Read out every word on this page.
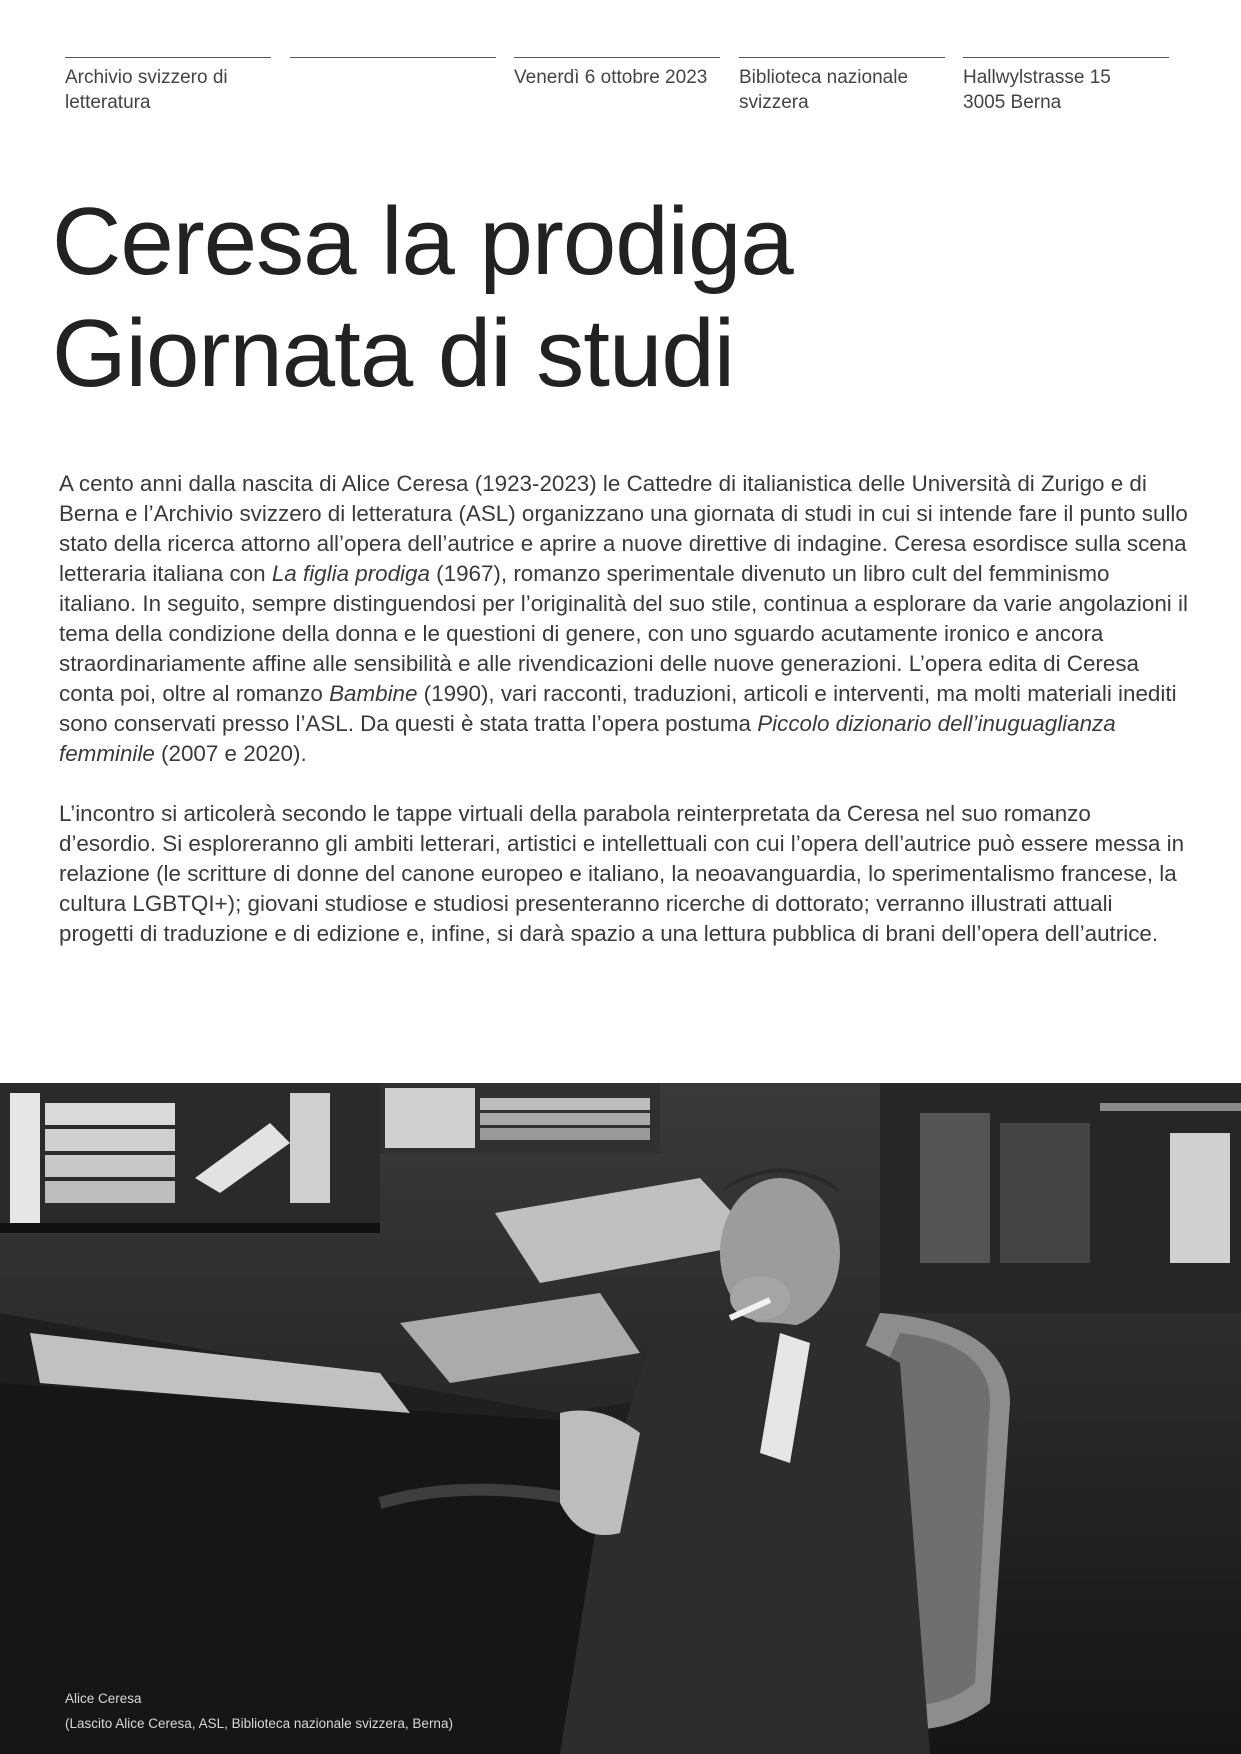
Archivio svizzero di
letteratura
Venerdì 6 ottobre 2023	Biblioteca nazionale
svizzera
Hallwylstrasse 15
3005 Berna
Ceresa la prodiga
Giornata di studi

A cento anni dalla nascita di Alice Ceresa (1923-2023) le Cattedre di italianistica delle Università di Zurigo e di Berna e l’Archivio svizzero di letteratura (ASL) organizzano una giornata di studi in cui si intende fare il punto sullo stato della ricerca attorno all’opera dell’autrice e aprire a nuove direttive di indagine. Ceresa esordisce sulla scena letteraria italiana con La figlia prodiga (1967), romanzo sperimentale divenuto un libro cult del femminismo italiano. In seguito, sempre distinguendosi per l’originalità del suo stile, continua a esplorare da varie angolazioni il tema della condizione della donna e le questioni di genere, con uno sguardo acutamente ironico e ancora straordinariamente affine alle sensibilità e alle rivendicazioni delle nuove generazioni. L’opera edita di Ceresa conta poi, oltre al romanzo Bambine (1990), vari racconti, traduzioni, articoli e interventi, ma molti materiali inediti sono conservati presso l’ASL. Da questi è stata tratta l’opera postuma Piccolo dizionario dell’inuguaglianza femminile (2007 e 2020).

L’incontro si articolerà secondo le tappe virtuali della parabola reinterpretata da Ceresa nel suo romanzo d’esordio. Si esploreranno gli ambiti letterari, artistici e intellettuali con cui l’opera dell’autrice può essere messa in relazione (le scritture di donne del canone europeo e italiano, la neoavanguardia, lo sperimentalismo francese, la cultura LGBTQI+); giovani studiose e studiosi presenteranno ricerche di dottorato; verranno illustrati attuali progetti di traduzione e di edizione e, infine, si darà spazio a una lettura pubblica di brani dell’opera dell’autrice.

Alice Ceresa
(Lascito Alice Ceresa, ASL, Biblioteca nazionale svizzera, Berna)
